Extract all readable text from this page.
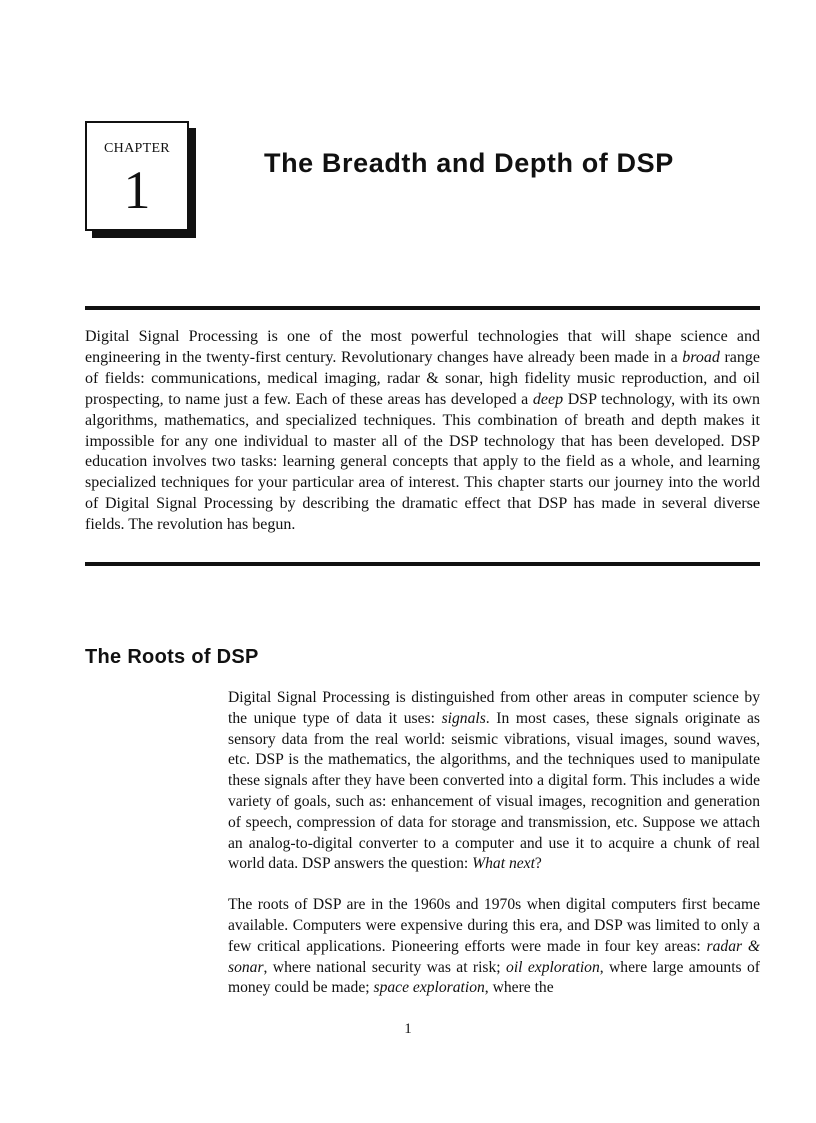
CHAPTER
1	The Breadth and Depth of DSP

Digital Signal Processing is one of the most powerful technologies that will shape science and engineering in the twenty-first century. Revolutionary changes have already been made in a broad range of fields: communications, medical imaging, radar & sonar, high fidelity music reproduction, and oil prospecting, to name just a few. Each of these areas has developed a deep DSP technology, with its own algorithms, mathematics, and specialized techniques. This combination of breath and depth makes it impossible for any one individual to master all of the DSP technology that has been developed. DSP education involves two tasks: learning general concepts that apply to the field as a whole, and learning specialized techniques for your particular area of interest. This chapter starts our journey into the world of Digital Signal Processing by describing the dramatic effect that DSP has made in several diverse fields. The revolution has begun.

The Roots of DSP

Digital Signal Processing is distinguished from other areas in computer science by the unique type of data it uses: signals. In most cases, these signals originate as sensory data from the real world: seismic vibrations, visual images, sound waves, etc. DSP is the mathematics, the algorithms, and the techniques used to manipulate these signals after they have been converted into a digital form. This includes a wide variety of goals, such as: enhancement of visual images, recognition and generation of speech, compression of data for storage and transmission, etc. Suppose we attach an analog-to-digital converter to a computer and use it to acquire a chunk of real world data. DSP answers the question: What next?

The roots of DSP are in the 1960s and 1970s when digital computers first became available. Computers were expensive during this era, and DSP was limited to only a few critical applications. Pioneering efforts were made in four key areas: radar & sonar, where national security was at risk; oil exploration, where large amounts of money could be made; space exploration, where the

1
